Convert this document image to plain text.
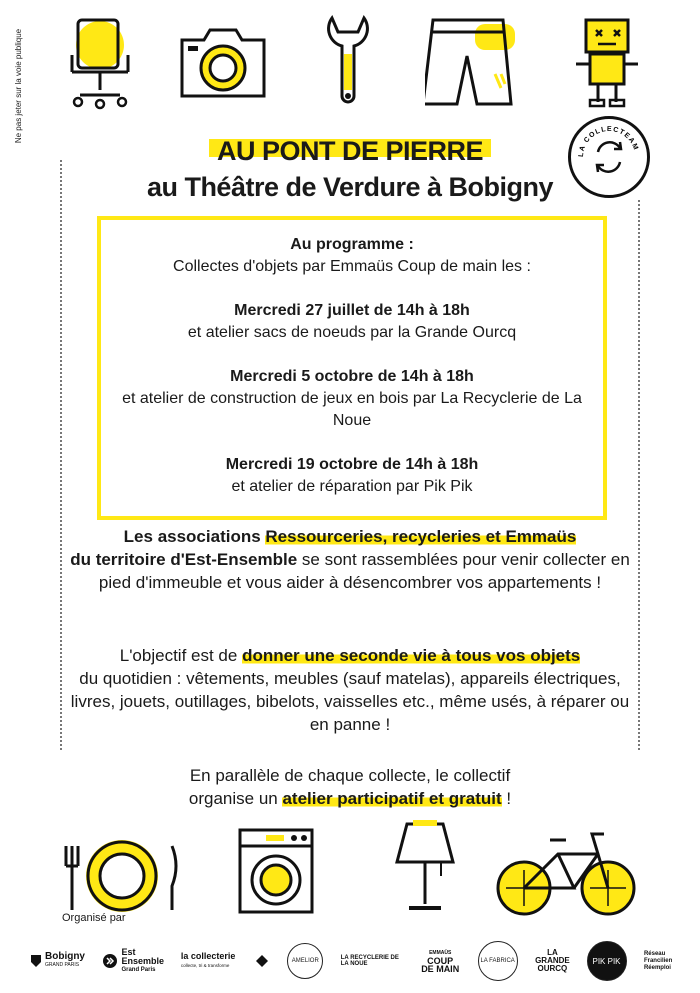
Ne pas jeter sur la voie publique
LA COLLECTEAM
AU PONT DE PIERRE
au Théâtre de Verdure à Bobigny

Au programme :

Collectes d'objets par Emmaüs Coup de main les :

Mercredi 27 juillet de 14h à 18h

et atelier sacs de noeuds par la Grande Ourcq

Mercredi 5 octobre de 14h à 18h

et atelier de construction de jeux en bois par La Recyclerie de La Noue

Mercredi 19 octobre de 14h à 18h

et atelier de réparation par Pik Pik

Les associations Ressourceries, recycleries et Emmaüs
du territoire d'Est-Ensemble se sont rassemblées pour venir collecter en pied d'immeuble et vous aider à désencombrer vos appartements !

L'objectif est de donner une seconde vie à tous vos objets
du quotidien : vêtements, meubles (sauf matelas), appareils électriques, livres, jouets, outillages, bibelots, vaisselles etc., même usés, à réparer ou en panne !

En parallèle de chaque collecte, le collectif

organise un atelier participatif et gratuit !

Organisé par
Bobigny
GRAND PARIS
Est Ensemble
Grand Paris
la collecterie
collecte, tri & transforme
AMELIOR	LA RECYCLERIE DE LA NOUE
EMMAÜS
COUP DE MAIN
LA FABRICA
LA GRANDE OURCQ
PIK PIK
Réseau Francilien Réemploi
